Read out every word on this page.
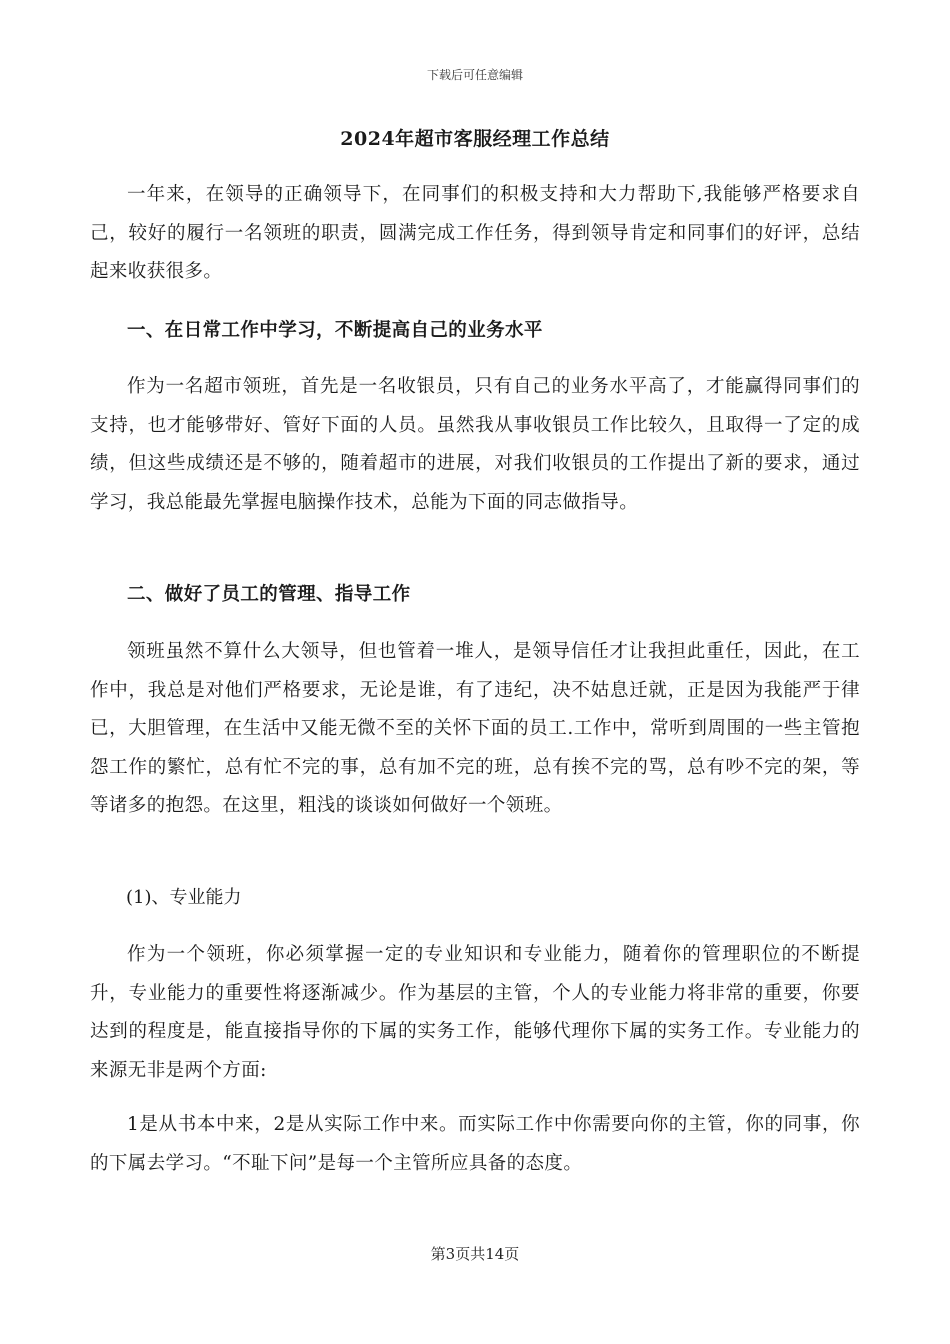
下载后可任意编辑
2024年超市客服经理工作总结

一年来，在领导的正确领导下，在同事们的积极支持和大力帮助下,我能够严格要求自己，较好的履行一名领班的职责，圆满完成工作任务，得到领导肯定和同事们的好评，总结起来收获很多。

一、在日常工作中学习，不断提高自己的业务水平

作为一名超市领班，首先是一名收银员，只有自己的业务水平高了，才能赢得同事们的支持，也才能够带好、管好下面的人员。虽然我从事收银员工作比较久，且取得一了定的成绩，但这些成绩还是不够的，随着超市的进展，对我们收银员的工作提出了新的要求，通过学习，我总能最先掌握电脑操作技术，总能为下面的同志做指导。

二、做好了员工的管理、指导工作

领班虽然不算什么大领导，但也管着一堆人，是领导信任才让我担此重任，因此，在工作中，我总是对他们严格要求，无论是谁，有了违纪，决不姑息迁就，正是因为我能严于律已，大胆管理，在生活中又能无微不至的关怀下面的员工.工作中，常听到周围的一些主管抱怨工作的繁忙，总有忙不完的事，总有加不完的班，总有挨不完的骂，总有吵不完的架，等等诸多的抱怨。在这里，粗浅的谈谈如何做好一个领班。

(1)、专业能力

作为一个领班，你必须掌握一定的专业知识和专业能力，随着你的管理职位的不断提升，专业能力的重要性将逐渐减少。作为基层的主管，个人的专业能力将非常的重要，你要达到的程度是，能直接指导你的下属的实务工作，能够代理你下属的实务工作。专业能力的来源无非是两个方面:

1是从书本中来，2是从实际工作中来。而实际工作中你需要向你的主管，你的同事，你的下属去学习。“不耻下问”是每一个主管所应具备的态度。

第3页共14页
